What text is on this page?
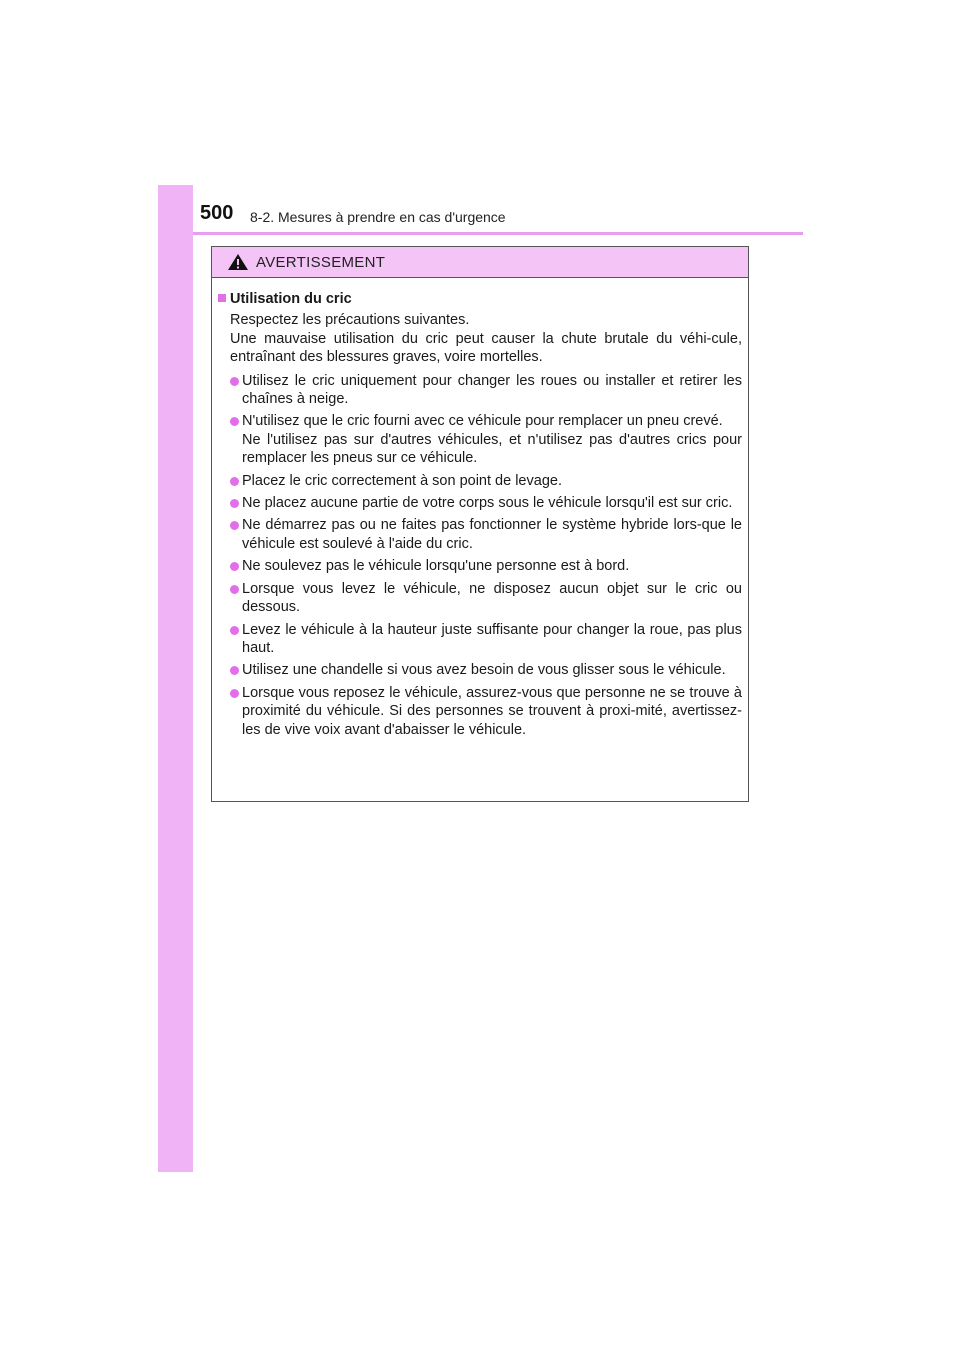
500 8-2. Mesures à prendre en cas d'urgence
AVERTISSEMENT
Utilisation du cric

Respectez les précautions suivantes.

Une mauvaise utilisation du cric peut causer la chute brutale du véhi-cule, entraînant des blessures graves, voire mortelles.

Utilisez le cric uniquement pour changer les roues ou installer et retirer les chaînes à neige.

N'utilisez que le cric fourni avec ce véhicule pour remplacer un pneu crevé.

Ne l'utilisez pas sur d'autres véhicules, et n'utilisez pas d'autres crics pour remplacer les pneus sur ce véhicule.

Placez le cric correctement à son point de levage.

Ne placez aucune partie de votre corps sous le véhicule lorsqu'il est sur cric.

Ne démarrez pas ou ne faites pas fonctionner le système hybride lors-que le véhicule est soulevé à l'aide du cric.

Ne soulevez pas le véhicule lorsqu'une personne est à bord.

Lorsque vous levez le véhicule, ne disposez aucun objet sur le cric ou dessous.

Levez le véhicule à la hauteur juste suffisante pour changer la roue, pas plus haut.

Utilisez une chandelle si vous avez besoin de vous glisser sous le véhicule.

Lorsque vous reposez le véhicule, assurez-vous que personne ne se trouve à proximité du véhicule. Si des personnes se trouvent à proxi-mité, avertissez-les de vive voix avant d'abaisser le véhicule.
